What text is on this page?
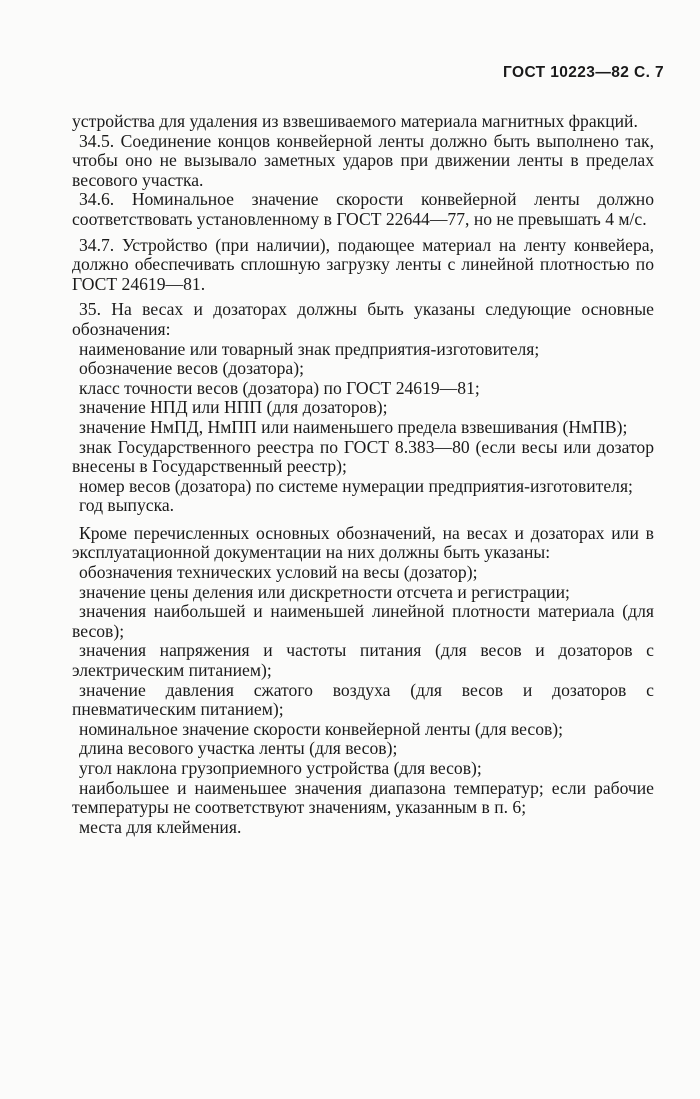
ГОСТ 10223—82 С. 7

устройства для удаления из взвешиваемого материала магнитных фракций.

34.5. Соединение концов конвейерной ленты должно быть выполнено так, чтобы оно не вызывало заметных ударов при движении ленты в пределах весового участка.

34.6. Номинальное значение скорости конвейерной ленты должно соответствовать установленному в ГОСТ 22644—77, но не превышать 4 м/с.

34.7. Устройство (при наличии), подающее материал на ленту конвейера, должно обеспечивать сплошную загрузку ленты с линейной плотностью по ГОСТ 24619—81.

35. На весах и дозаторах должны быть указаны следующие основные обозначения:

наименование или товарный знак предприятия-изготовителя;

обозначение весов (дозатора);

класс точности весов (дозатора) по ГОСТ 24619—81;

значение НПД или НПП (для дозаторов);

значение НмПД, НмПП или наименьшего предела взвешивания (НмПВ);

знак Государственного реестра по ГОСТ 8.383—80 (если весы или дозатор внесены в Государственный реестр);

номер весов (дозатора) по системе нумерации предприятия-изготовителя;

год выпуска.

Кроме перечисленных основных обозначений, на весах и дозаторах или в эксплуатационной документации на них должны быть указаны:

обозначения технических условий на весы (дозатор);

значение цены деления или дискретности отсчета и регистрации;

значения наибольшей и наименьшей линейной плотности материала (для весов);

значения напряжения и частоты питания (для весов и дозаторов с электрическим питанием);

значение давления сжатого воздуха (для весов и дозаторов с пневматическим питанием);

номинальное значение скорости конвейерной ленты (для весов);

длина весового участка ленты (для весов);

угол наклона грузоприемного устройства (для весов);

наибольшее и наименьшее значения диапазона температур; если рабочие температуры не соответствуют значениям, указанным в п. 6;

места для клеймения.
